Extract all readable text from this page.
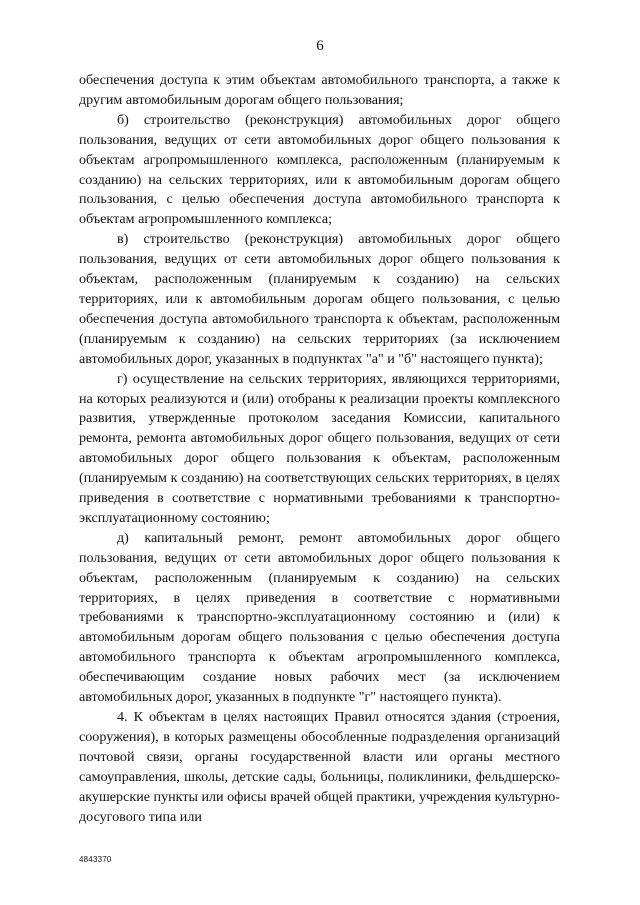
6

обеспечения доступа к этим объектам автомобильного транспорта, а также к другим автомобильным дорогам общего пользования;

б) строительство (реконструкция) автомобильных дорог общего пользования, ведущих от сети автомобильных дорог общего пользования к объектам агропромышленного комплекса, расположенным (планируемым к созданию) на сельских территориях, или к автомобильным дорогам общего пользования, с целью обеспечения доступа автомобильного транспорта к объектам агропромышленного комплекса;

в) строительство (реконструкция) автомобильных дорог общего пользования, ведущих от сети автомобильных дорог общего пользования к объектам, расположенным (планируемым к созданию) на сельских территориях, или к автомобильным дорогам общего пользования, с целью обеспечения доступа автомобильного транспорта к объектам, расположенным (планируемым к созданию) на сельских территориях (за исключением автомобильных дорог, указанных в подпунктах "а" и "б" настоящего пункта);

г) осуществление на сельских территориях, являющихся территориями, на которых реализуются и (или) отобраны к реализации проекты комплексного развития, утвержденные протоколом заседания Комиссии, капитального ремонта, ремонта автомобильных дорог общего пользования, ведущих от сети автомобильных дорог общего пользования к объектам, расположенным (планируемым к созданию) на соответствующих сельских территориях, в целях приведения в соответствие с нормативными требованиями к транспортно-эксплуатационному состоянию;

д) капитальный ремонт, ремонт автомобильных дорог общего пользования, ведущих от сети автомобильных дорог общего пользования к объектам, расположенным (планируемым к созданию) на сельских территориях, в целях приведения в соответствие с нормативными требованиями к транспортно-эксплуатационному состоянию и (или) к автомобильным дорогам общего пользования с целью обеспечения доступа автомобильного транспорта к объектам агропромышленного комплекса, обеспечивающим создание новых рабочих мест (за исключением автомобильных дорог, указанных в подпункте "г" настоящего пункта).

4. К объектам в целях настоящих Правил относятся здания (строения, сооружения), в которых размещены обособленные подразделения организаций почтовой связи, органы государственной власти или органы местного самоуправления, школы, детские сады, больницы, поликлиники, фельдшерско-акушерские пункты или офисы врачей общей практики, учреждения культурно-досугового типа или

4843370
